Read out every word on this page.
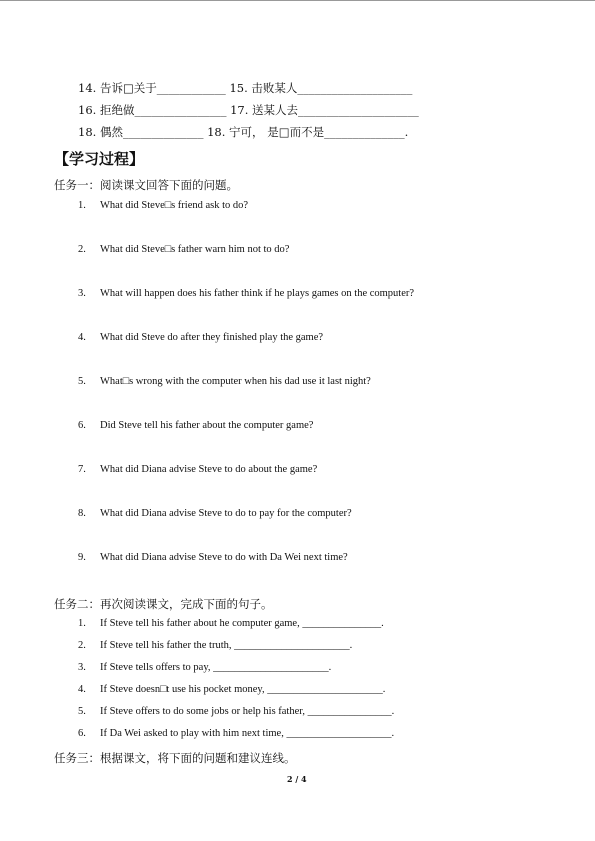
14. 告诉□关于____________ 15. 击败某人____________________
16. 拒绝做________________ 17. 送某人去_____________________
18. 偶然______________ 18. 宁可， 是□而不是______________.
【学习过程】
任务一：阅读课文回答下面的问题。
1. What did Steve□s friend ask to do?
2. What did Steve□s father warn him not to do?
3. What will happen does his father think if he plays games on the computer?
4. What did Steve do after they finished play the game?
5. What□s wrong with the computer when his dad use it last night?
6. Did Steve tell his father about the computer game?
7. What did Diana advise Steve to do about the game?
8. What did Diana advise Steve to do to pay for the computer?
9. What did Diana advise Steve to do with Da Wei next time?
任务二：再次阅读课文，完成下面的句子。
1. If Steve tell his father about he computer game, _______________.
2. If Steve tell his father the truth, ______________________.
3. If Steve tells offers to pay, ______________________.
4. If Steve doesn□t use his pocket money, ______________________.
5. If Steve offers to do some jobs or help his father, ________________.
6. If Da Wei asked to play with him next time, ____________________.
任务三：根据课文，将下面的问题和建议连线。
2 / 4
